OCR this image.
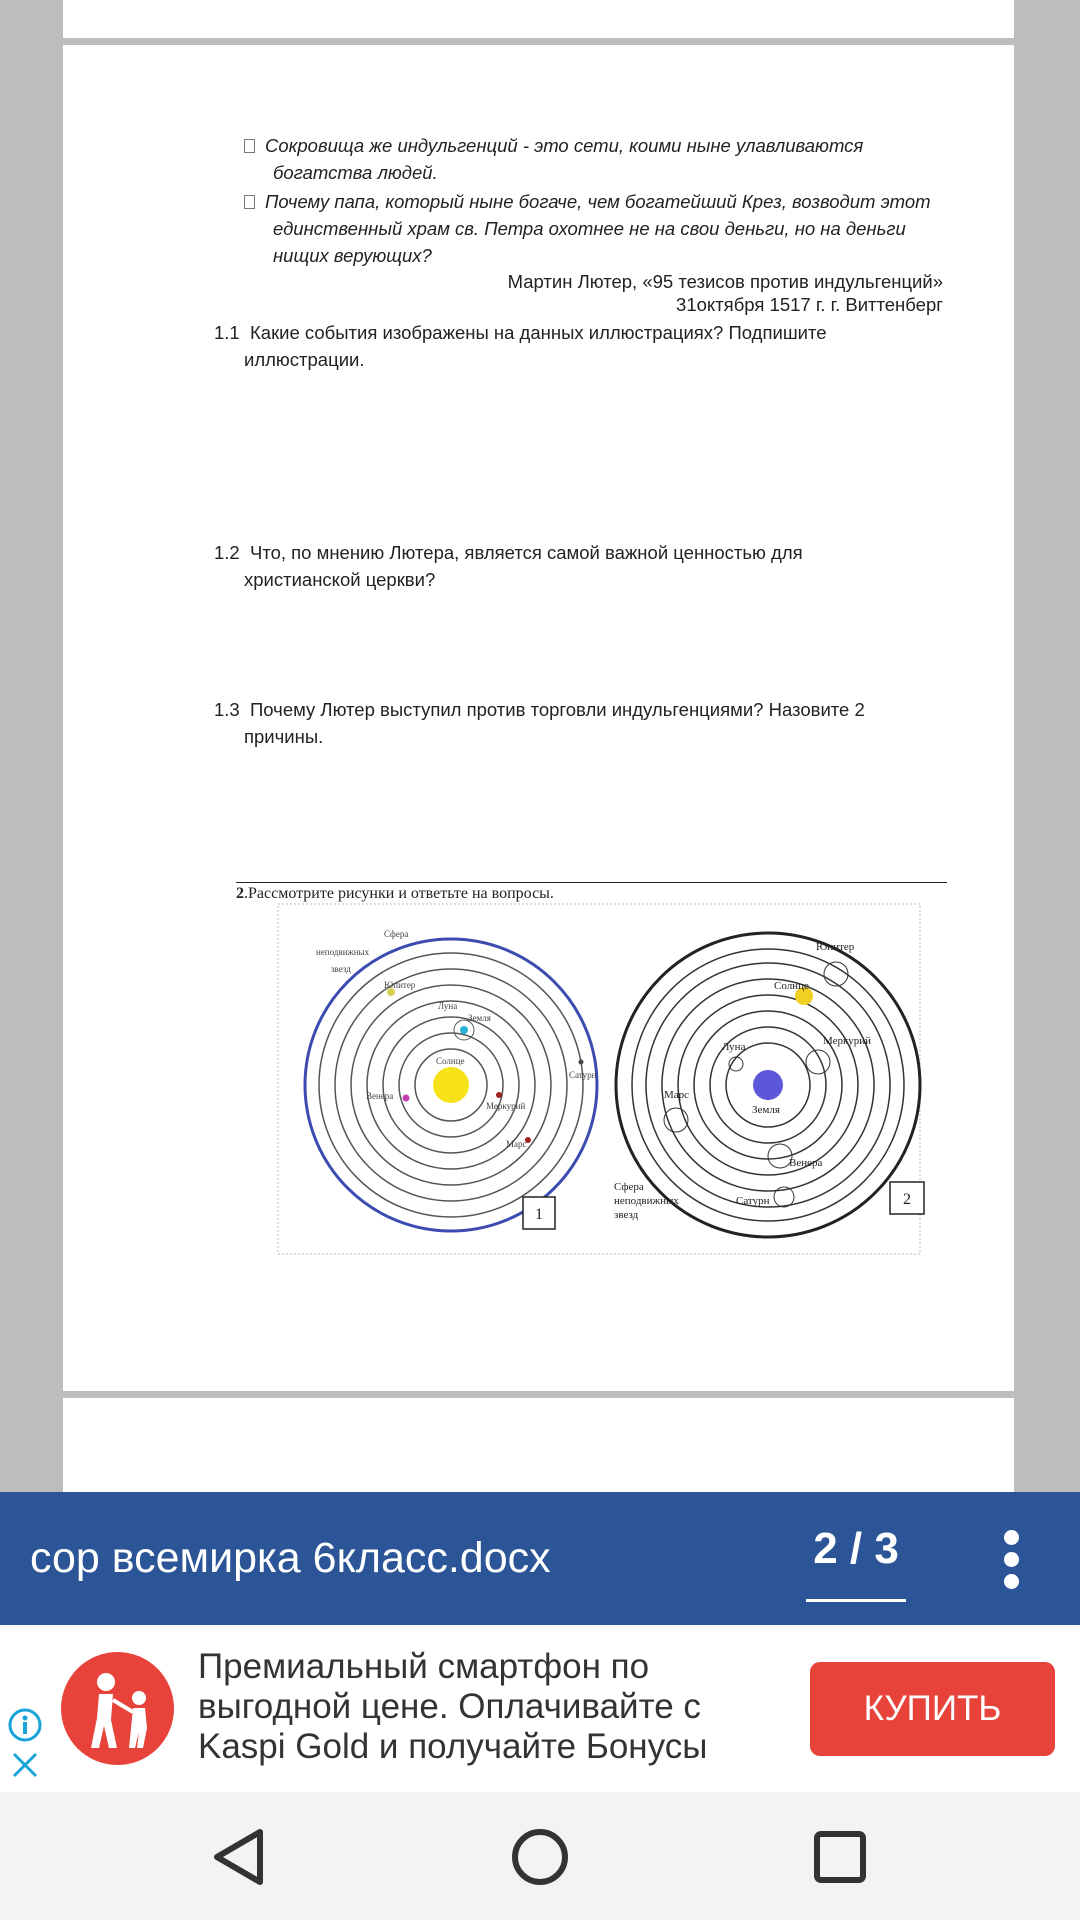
Сокровища же индульгенций - это сети, коими ныне улавливаются
богатства людей.
Почему папа, который ныне богаче, чем богатейший Крез, возводит этот
единственный храм св. Петра охотнее не на свои деньги, но на деньги
нищих верующих?
Мартин Лютер, «95 тезисов против индульгенций»
31октября 1517 г. г. Виттенберг
1.1 Какие события изображены на данных иллюстрациях? Подпишите
иллюстрации.
1.2 Что, по мнению Лютера, является самой важной ценностью для
христианской церкви?
1.3 Почему Лютер выступил против торговли индульгенциями? Назовите 2
причины.
2.Рассмотрите рисунки и ответьте на вопросы.
Сфера
неподвижных
звезд
Юпитер
Луна
Земля
Солнце
Венера
Меркурий
Сатурн
Марс
1
Юпитер
Солнце
Меркурий
Луна
Земля
Марс
Венера
Сатурн
Сфера
неподвижных
звезд
2
сор всемирка 6класс.docx	2 / 3
Премиальный смартфон по
выгодной цене. Оплачивайте с
Kaspi Gold и получайте Бонусы
КУПИТЬ
